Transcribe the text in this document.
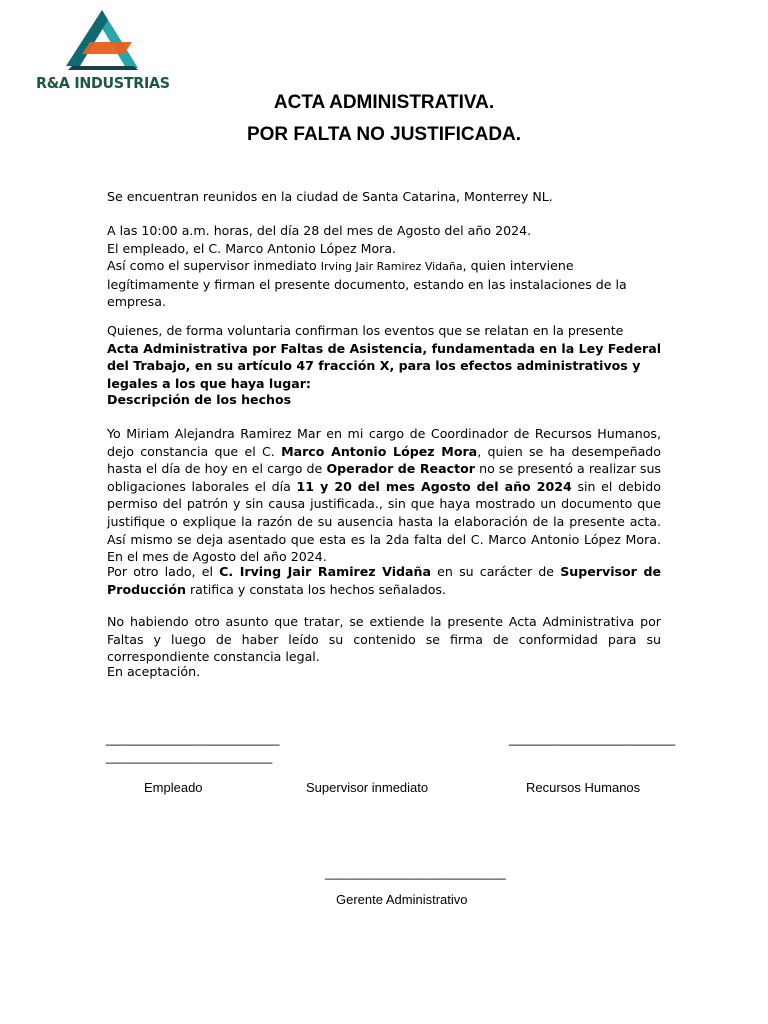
R&A INDUSTRIAS
ACTA ADMINISTRATIVA.
POR FALTA NO JUSTIFICADA.

Se encuentran reunidos en la ciudad de Santa Catarina, Monterrey NL.

A las 10:00 a.m. horas, del día 28 del mes de Agosto del año 2024.

El empleado, el C. Marco Antonio López Mora.

Así como el supervisor inmediato Irving Jair Ramirez Vidaña, quien interviene legítimamente y firman el presente documento, estando en las instalaciones de la empresa.

Quienes, de forma voluntaria confirman los eventos que se relatan en la presente

Acta Administrativa por Faltas de Asistencia, fundamentada en la Ley Federal del Trabajo, en su artículo 47 fracción X, para los efectos administrativos y legales a los que haya lugar:

Descripción de los hechos

Yo Miriam Alejandra Ramirez Mar en mi cargo de Coordinador de Recursos Humanos, dejo constancia que el C. Marco Antonio López Mora, quien se ha desempeñado hasta el día de hoy en el cargo de Operador de Reactor no se presentó a realizar sus obligaciones laborales el día 11 y 20 del mes Agosto del año 2024 sin el debido permiso del patrón y sin causa justificada., sin que haya mostrado un documento que justifique o explique la razón de su ausencia hasta la elaboración de la presente acta. Así mismo se deja asentado que esta es la 2da falta del C. Marco Antonio López Mora. En el mes de Agosto del año 2024.

Por otro lado, el C. Irving Jair Ramirez Vidaña en su carácter de Supervisor de Producción ratifica y constata los hechos señalados.

No habiendo otro asunto que tratar, se extiende la presente Acta Administrativa por Faltas y luego de haber leído su contenido se firma de conformidad para su correspondiente constancia legal.

En aceptación.

________________________
_______________________
_______________________
Empleado	Supervisor inmediato	Recursos Humanos
_________________________
Gerente Administrativo
